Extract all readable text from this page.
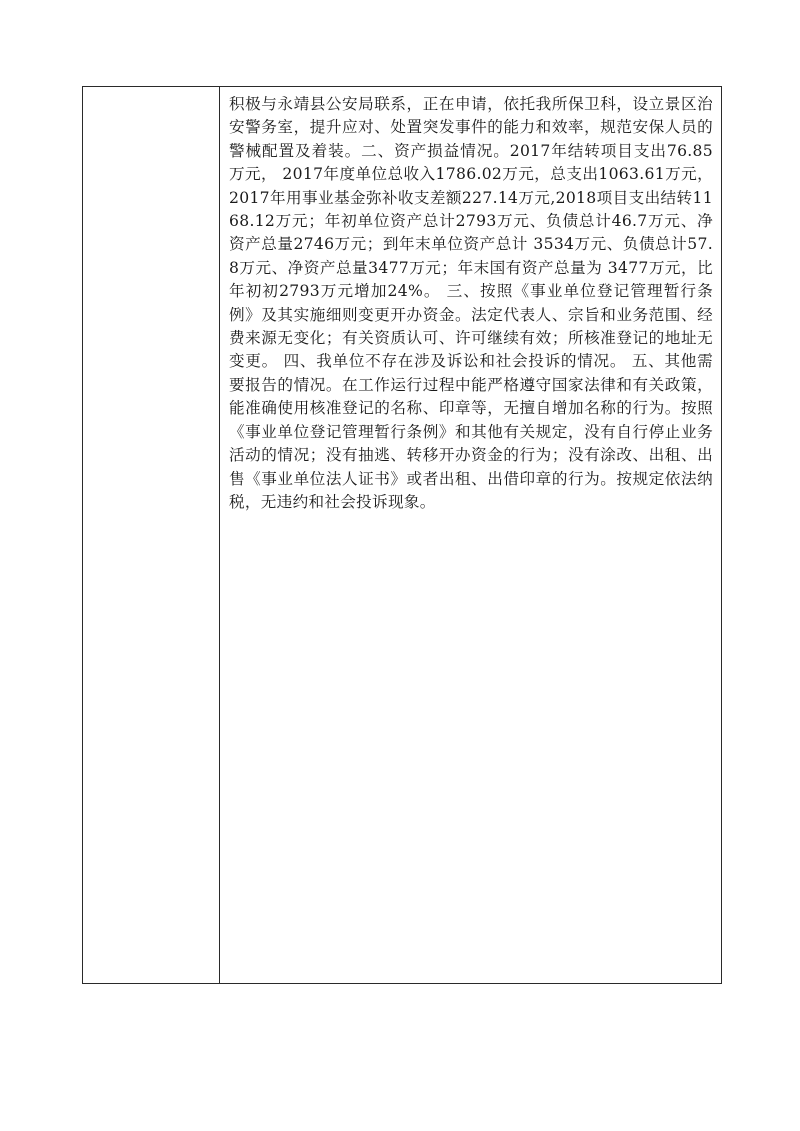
积极与永靖县公安局联系，正在申请，依托我所保卫科，设立景区治安警务室，提升应对、处置突发事件的能力和效率，规范安保人员的警械配置及着装。二、资产损益情况。2017年结转项目支出76.85万元， 2017年度单位总收入1786.02万元，总支出1063.61万元，2017年用事业基金弥补收支差额227.14万元,2018项目支出结转1168.12万元；年初单位资产总计2793万元、负债总计46.7万元、净资产总量2746万元；到年末单位资产总计 3534万元、负债总计57.8万元、净资产总量3477万元；年末国有资产总量为 3477万元，比年初初2793万元增加24%。 三、按照《事业单位登记管理暂行条例》及其实施细则变更开办资金。法定代表人、宗旨和业务范围、经费来源无变化；有关资质认可、许可继续有效；所核准登记的地址无变更。 四、我单位不存在涉及诉讼和社会投诉的情况。 五、其他需要报告的情况。在工作运行过程中能严格遵守国家法律和有关政策，能准确使用核准登记的名称、印章等，无擅自增加名称的行为。按照《事业单位登记管理暂行条例》和其他有关规定，没有自行停止业务活动的情况；没有抽逃、转移开办资金的行为；没有涂改、出租、出售《事业单位法人证书》或者出租、出借印章的行为。按规定依法纳税，无违约和社会投诉现象。
